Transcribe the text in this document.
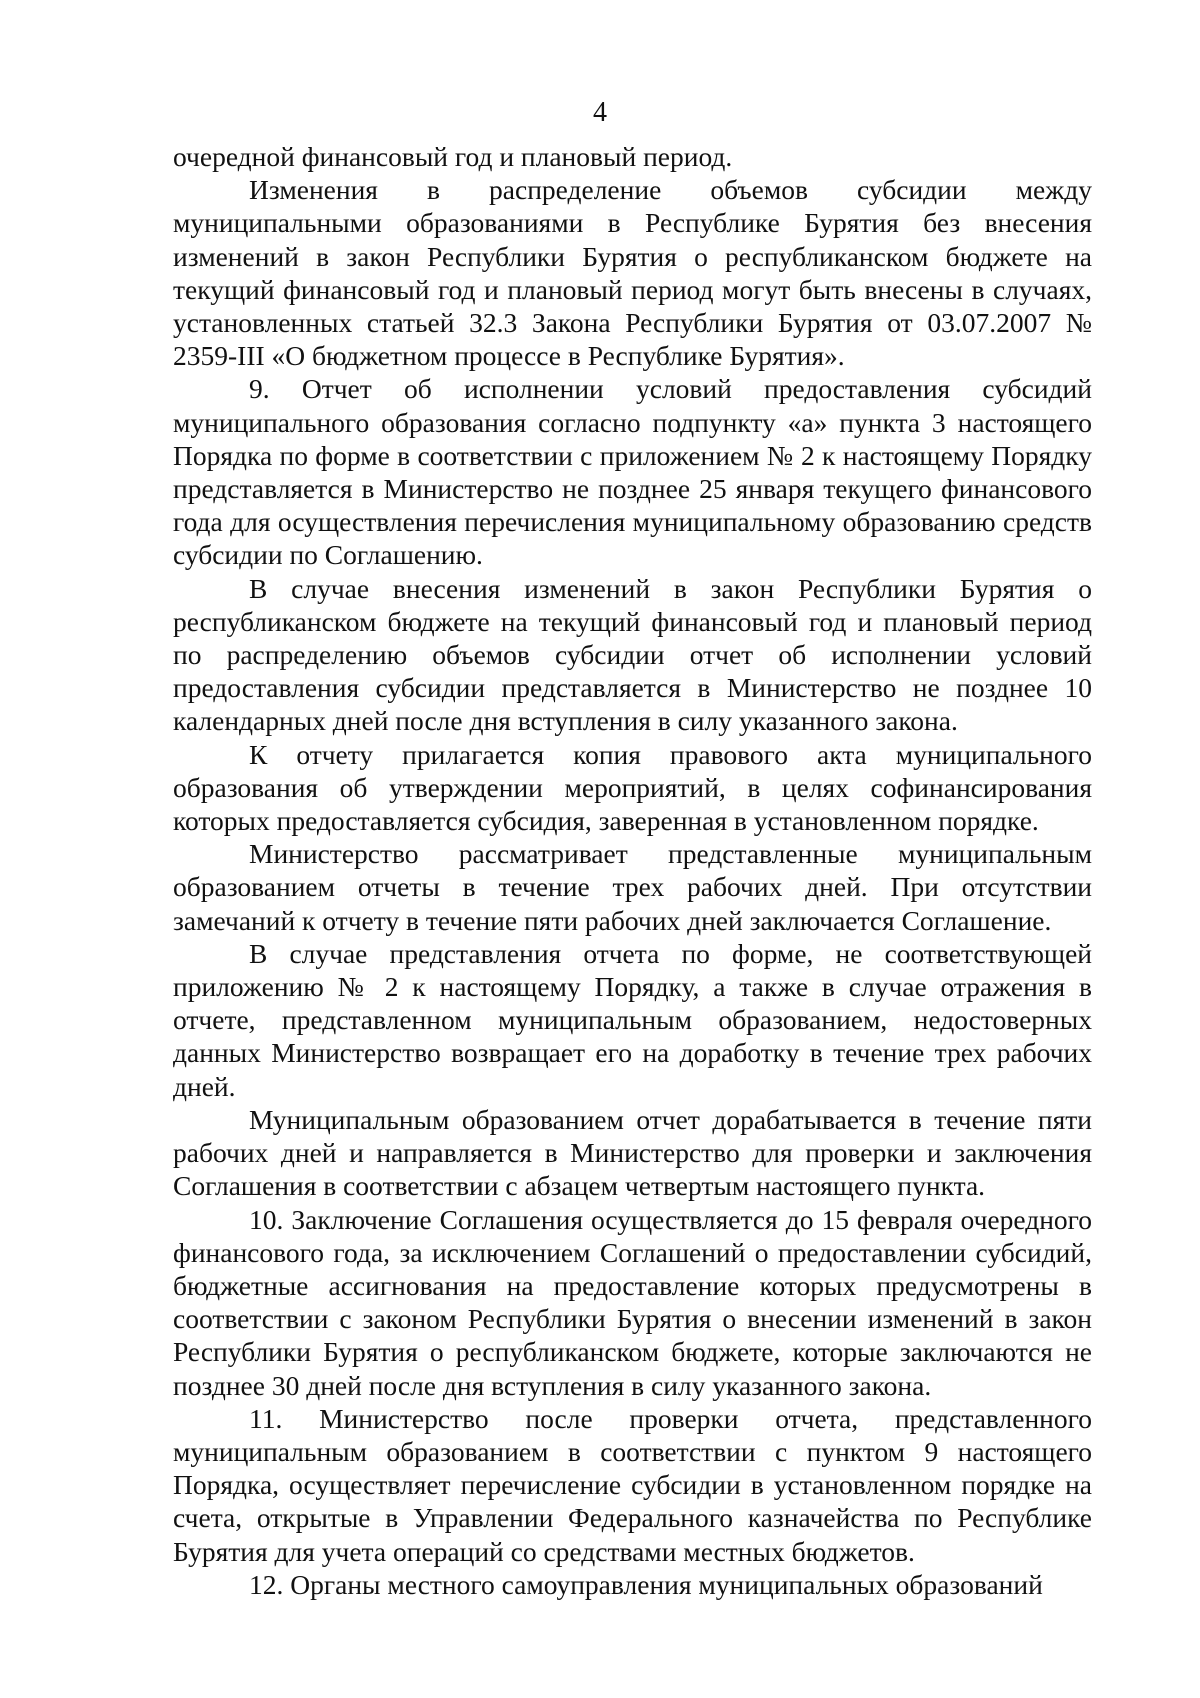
4

очередной финансовый год и плановый период.

Изменения в распределение объемов субсидии между муниципальными образованиями в Республике Бурятия без внесения изменений в закон Республики Бурятия о республиканском бюджете на текущий финансовый год и плановый период могут быть внесены в случаях, установленных статьей 32.3 Закона Республики Бурятия от 03.07.2007 № 2359-III «О бюджетном процессе в Республике Бурятия».

9. Отчет об исполнении условий предоставления субсидий муниципального образования согласно подпункту «а» пункта 3 настоящего Порядка по форме в соответствии с приложением № 2 к настоящему Порядку представляется в Министерство не позднее 25 января текущего финансового года для осуществления перечисления муниципальному образованию средств субсидии по Соглашению.

В случае внесения изменений в закон Республики Бурятия о республиканском бюджете на текущий финансовый год и плановый период по распределению объемов субсидии отчет об исполнении условий предоставления субсидии представляется в Министерство не позднее 10 календарных дней после дня вступления в силу указанного закона.

К отчету прилагается копия правового акта муниципального образования об утверждении мероприятий, в целях софинансирования которых предоставляется субсидия, заверенная в установленном порядке.

Министерство рассматривает представленные муниципальным образованием отчеты в течение трех рабочих дней. При отсутствии замечаний к отчету в течение пяти рабочих дней заключается Соглашение.

В случае представления отчета по форме, не соответствующей приложению № 2 к настоящему Порядку, а также в случае отражения в отчете, представленном муниципальным образованием, недостоверных данных Министерство возвращает его на доработку в течение трех рабочих дней.

Муниципальным образованием отчет дорабатывается в течение пяти рабочих дней и направляется в Министерство для проверки и заключения Соглашения в соответствии с абзацем четвертым настоящего пункта.

10. Заключение Соглашения осуществляется до 15 февраля очередного финансового года, за исключением Соглашений о предоставлении субсидий, бюджетные ассигнования на предоставление которых предусмотрены в соответствии с законом Республики Бурятия о внесении изменений в закон Республики Бурятия о республиканском бюджете, которые заключаются не позднее 30 дней после дня вступления в силу указанного закона.

11. Министерство после проверки отчета, представленного муниципальным образованием в соответствии с пунктом 9 настоящего Порядка, осуществляет перечисление субсидии в установленном порядке на счета, открытые в Управлении Федерального казначейства по Республике Бурятия для учета операций со средствами местных бюджетов.

12. Органы местного самоуправления муниципальных образований
